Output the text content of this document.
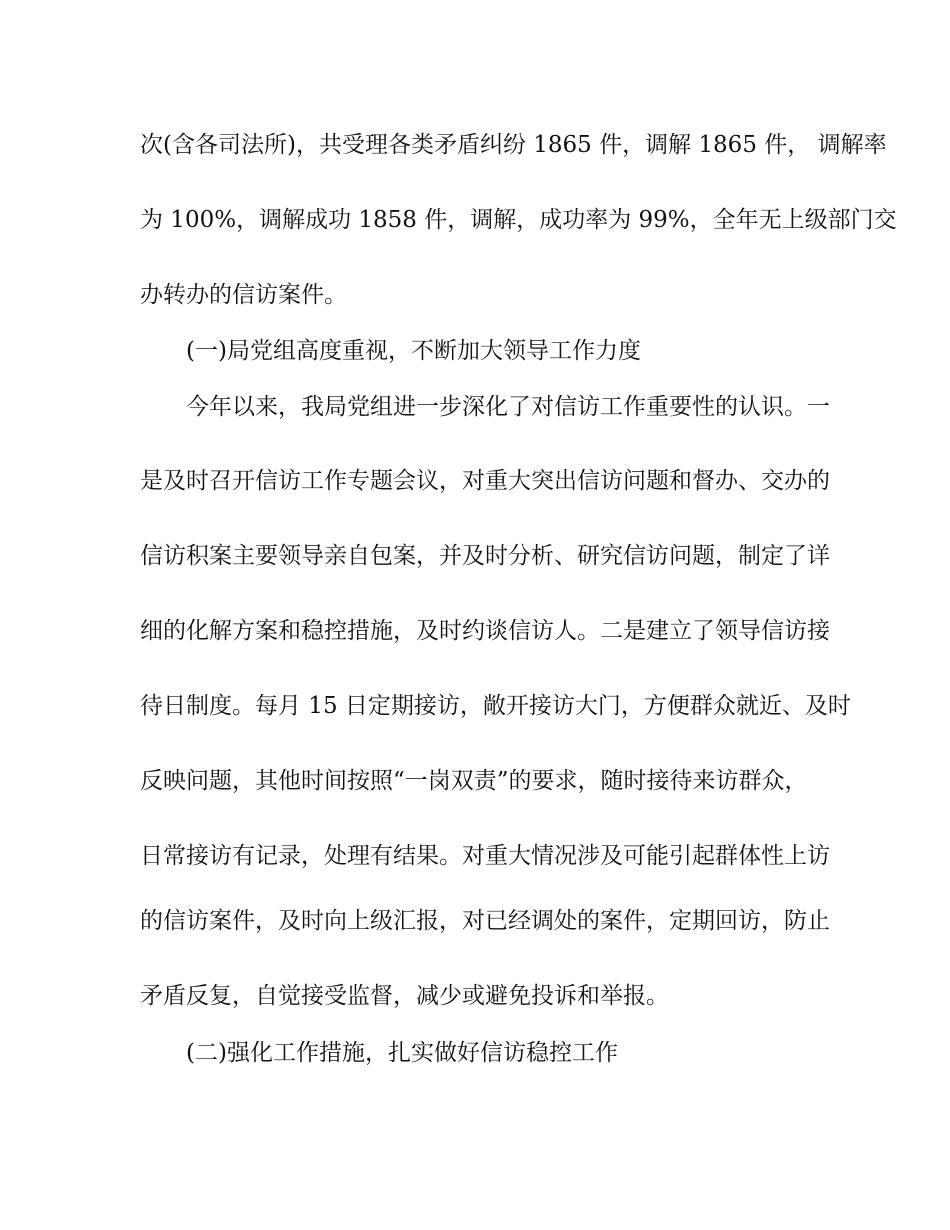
次(含各司法所)，共受理各类矛盾纠纷 1865 件，调解 1865 件， 调解率
为 100%，调解成功 1858 件，调解，成功率为 99%，全年无上级部门交
办转办的信访案件。
(一)局党组高度重视，不断加大领导工作力度
今年以来，我局党组进一步深化了对信访工作重要性的认识。一
是及时召开信访工作专题会议，对重大突出信访问题和督办、交办的
信访积案主要领导亲自包案，并及时分析、研究信访问题，制定了详
细的化解方案和稳控措施，及时约谈信访人。二是建立了领导信访接
待日制度。每月 15 日定期接访，敞开接访大门，方便群众就近、及时
反映问题，其他时间按照“一岗双责”的要求，随时接待来访群众，
日常接访有记录，处理有结果。对重大情况涉及可能引起群体性上访
的信访案件，及时向上级汇报，对已经调处的案件，定期回访，防止
矛盾反复，自觉接受监督，减少或避免投诉和举报。
(二)强化工作措施，扎实做好信访稳控工作
